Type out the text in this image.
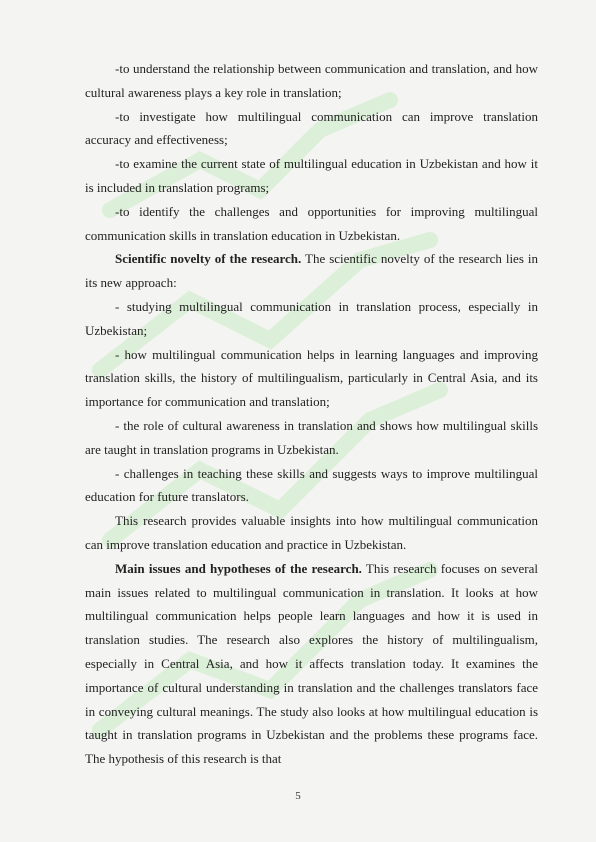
-to understand the relationship between communication and translation, and how cultural awareness plays a key role in translation;

-to investigate how multilingual communication can improve translation accuracy and effectiveness;

-to examine the current state of multilingual education in Uzbekistan and how it is included in translation programs;

-to identify the challenges and opportunities for improving multilingual communication skills in translation education in Uzbekistan.

Scientific novelty of the research. The scientific novelty of the research lies in its new approach:

- studying multilingual communication in translation process, especially in Uzbekistan;

- how multilingual communication helps in learning languages and improving translation skills, the history of multilingualism, particularly in Central Asia, and its importance for communication and translation;

- the role of cultural awareness in translation and shows how multilingual skills are taught in translation programs in Uzbekistan.

- challenges in teaching these skills and suggests ways to improve multilingual education for future translators.

This research provides valuable insights into how multilingual communication can improve translation education and practice in Uzbekistan.

Main issues and hypotheses of the research. This research focuses on several main issues related to multilingual communication in translation. It looks at how multilingual communication helps people learn languages and how it is used in translation studies. The research also explores the history of multilingualism, especially in Central Asia, and how it affects translation today. It examines the importance of cultural understanding in translation and the challenges translators face in conveying cultural meanings. The study also looks at how multilingual education is taught in translation programs in Uzbekistan and the problems these programs face. The hypothesis of this research is that

5
